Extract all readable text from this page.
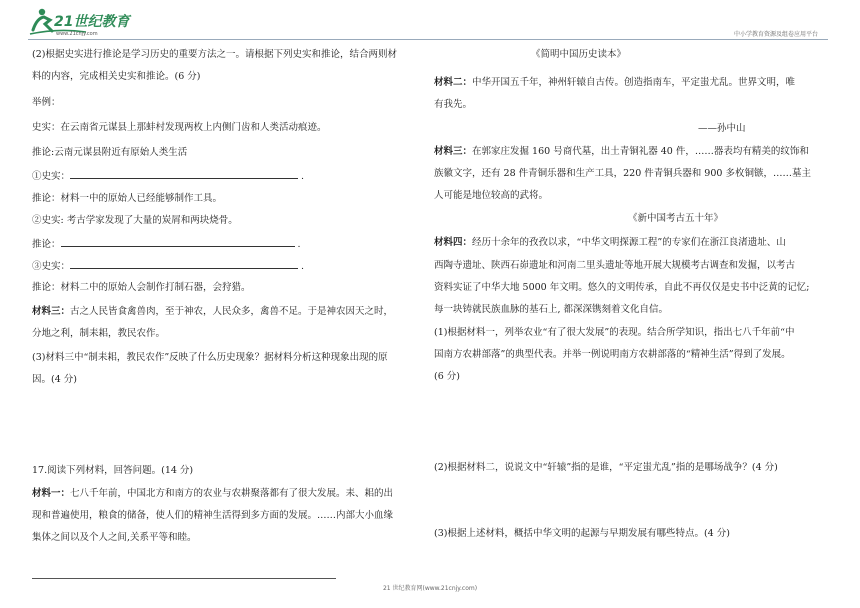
21世纪教育
www.21cnjy.com	中小学教育资源及组卷应用平台
(2)根据史实进行推论是学习历史的重要方法之一。请根据下列史实和推论，结合两则材
料的内容，完成相关史实和推论。(6 分)
举例：
史实：在云南省元谋县上那蚌村发现两枚上内侧门齿和人类活动痕迹。
推论:云南元谋县附近有原始人类生活
①史实：	.
推论：材料一中的原始人已经能够制作工具。
②史实: 考古学家发现了大量的炭屑和两块烧骨。
推论：	.
③史实：	.
推论：材料二中的原始人会制作打制石器，会狩猎。
材料三：古之人民皆食禽兽肉，至于神农，人民众多，禽兽不足。于是神农因天之时，
分地之利，制耒耜，教民农作。
(3)材料三中“制耒耜，教民农作”反映了什么历史现象？据材料分析这种现象出现的原
因。(4 分)
17.阅读下列材料，回答问题。(14 分)
材料一：七八千年前，中国北方和南方的农业与农耕聚落都有了很大发展。耒、耜的出
现和普遍使用，粮食的储备，使人们的精神生活得到多方面的发展。……内部大小血缘
集体之间以及个人之间,关系平等和睦。
《简明中国历史读本》
材料二：中华开国五千年，神州轩辕自古传。创造指南车，平定蚩尤乱。世界文明，唯
有我先。
——孙中山
材料三：在郭家庄发掘 160 号商代墓，出土青铜礼器 40 件，……器表均有精美的纹饰和
族徽文字，还有 28 件青铜乐器和生产工具，220 件青铜兵器和 900 多枚铜镞，……墓主
人可能是地位较高的武将。
《新中国考古五十年》
材料四：经历十余年的孜孜以求，“中华文明探源工程”的专家们在浙江良渚遗址、山
西陶寺遗址、陕西石峁遗址和河南二里头遗址等地开展大规模考古调查和发掘，以考古
资料实证了中华大地 5000 年文明。悠久的文明传承，自此不再仅仅是史书中泛黄的记忆;
每一块铸就民族血脉的基石上, 都深深镌刻着文化自信。
(1)根据材料一，列举农业“有了很大发展”的表现。结合所学知识，指出七八千年前“中
国南方农耕部落”的典型代表。并举一例说明南方农耕部落的“精神生活”得到了发展。
(6 分)
(2)根据材料二，说说文中“轩辕”指的是谁，“平定蚩尤乱”指的是哪场战争？(4 分)
(3)根据上述材料，概括中华文明的起源与早期发展有哪些特点。(4 分)
21 世纪教育网(www.21cnjy.com)
